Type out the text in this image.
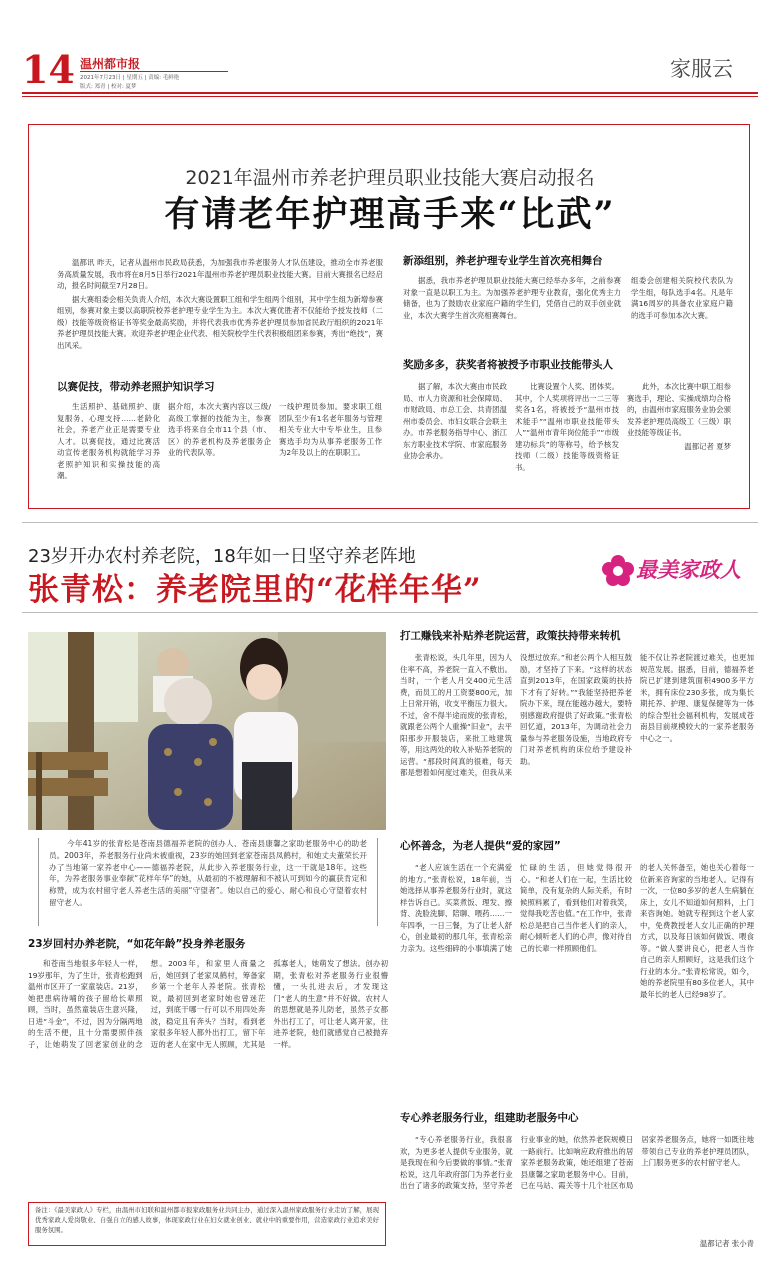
14 温州都市报
2021年7月23日 | 星期五 | 责编: 毛鲜艳
版式: 郑青 | 校对: 夏梦
家服云
2021年温州市养老护理员职业技能大赛启动报名
有请老年护理高手来“比武”

温都讯 昨天，记者从温州市民政局获悉，为加强我市养老服务人才队伍建设，推动全市养老服务高质量发展，我市将在8月5日举行2021年温州市养老护理员职业技能大赛。目前大赛报名已经启动，报名时间截至7月28日。

据大赛组委会相关负责人介绍，本次大赛设置职工组和学生组两个组别，其中学生组为新增参赛组别，参赛对象主要以高职院校养老护理专业学生为主。本次大赛优胜者不仅能给予授发技师（二级）技能等级资格证书等奖金最高奖励，并将代表我市优秀养老护理员参加省民政厅组织的2021年养老护理员技能大赛。欢迎养老护理企业代表、相关院校学生代表积极组团来参赛，秀出“绝技”，赛出风采。

以赛促技，带动养老照护知识学习

生活照护、基础照护、康复服务、心理支持……老龄化社会，养老产业正是需要专业人才。以赛促技，通过比赛活动宣传老服务机构就能学习养老照护知识和实操技能的高潮。

据介绍，本次大赛内容以三级/高级工掌握的技能为主，参赛选手将来自全市11个县（市、区）的养老机构及养老服务企业的代表队等。

一线护理员参加。要求职工组团队至少有1名老年服务与管理相关专业大中专毕业生，且参赛选手均为从事养老服务工作为2年及以上的在职职工。

新添组别，养老护理专业学生首次亮相舞台

据悉，我市养老护理员职业技能大赛已经举办多年，之前参赛对象一直是以职工为主。为加强养老护理专业教育，强化优秀主力储备，也为了鼓励农业家庭户籍的学生们，凭借自己的双手创业就业，本次大赛学生首次亮相赛舞台。

组委会创建相关院校代表队为学生组，每队选手4名。凡是年满16周岁的具备农业家庭户籍的选手可参加本次大赛。

奖励多多，获奖者将被授予市职业技能带头人

据了解，本次大赛由市民政局、市人力资源和社会保障局、市财政局、市总工会、共青团温州市委员会、市妇女联合会联主办。市养老服务指导中心、浙江东方职业技术学院、市家庭服务业协会承办。

比赛设置个人奖、团体奖。其中，个人奖项将评出一二三等奖各1名，将被授予“温州市技术能手”“温州市职业技能带头人”“温州市青年岗位能手”“市级建功标兵”的等称号，给予核发技师（二级）技能等级资格证书。

此外，本次比赛中职工组参赛选手，理论、实操成绩均合格的，由温州市家庭服务业协会颁发养老护理员高级工（三级）职业技能等级证书。

温都记者 夏梦

23岁开办农村养老院，18年如一日坚守养老阵地
张青松：养老院里的“花样年华”
最美家政人

今年41岁的张青松是苍南县德福养老院的创办人、苍南县康馨之家助老服务中心的助老员。2003年，养老服务行业尚未被重视，23岁的她回到老家苍南县凤鹤村，和她丈夫董荣长开办了当地第一家养老中心——德福养老院，从此步入养老服务行业，这一干就是18年。这些年，为养老服务事业奉献“花样年华”的她，从最初的不被理解和不被认可到如今的赢获肯定和称赞，成为农村留守老人养老生活的美丽“守望者”。她以自己的爱心、耐心和良心守望着农村留守老人。

23岁回村办养老院，“如花年龄”投身养老服务

和苍南当地很多年轻人一样，19岁那年，为了生计，张青松跑到温州市区开了一家童装店。21岁，她把患病待哺的孩子留给长辈照顾，当时，虽然童装店生意兴隆，日进“斗金”，不过，因为分隔两地的生活不便，且十分需要照伴孩子，让她萌发了回老家创业的念想。2003年，和家里人商量之后，她回到了老家凤鹤村，筹备家乡第一个老年人养老院。张青松说，最初回到老家时她也曾迷茫过，到底干哪一行可以不用四处奔波，稳定且有奔头？当时，看到老家很多年轻人都外出打工，留下年迈的老人在家中无人照顾，尤其是孤寡老人，她萌发了想法。创办初期，张青松对养老服务行业很懵懂，一头扎进去后，才发现这门“老人的生意”并不好做。农村人的思想就是养儿防老，虽然子女都外出打工了，可让老人离开家，住进养老院，他们就感觉自己被抛弃一样。

打工赚钱来补贴养老院运营，政策扶持带来转机

张青松说，头几年里，因为人住率不高，养老院一直入不敷出。当时，一个老人月交400元生活费，而员工的月工资要800元，加上日常开销，收支平衡压力很大。不过，舍不得半途而废的张青松，就跟老公两个人重操“旧业”，去平阳那步开服装店，来批工地建筑等，用这两处的收入补贴养老院的运营。“那段时间真的很难，每天都是想着如何度过难关，但我从来没想过放弃。”和老公两个人相互鼓励，才坚持了下来。“这样的状态直到2013年，在国家政策的扶持下才有了好转。”“我能坚持把养老院办下来，现在能越办越大，要特别感谢政府提供了好政策。”张青松回忆道，2013年，为调动社会力量参与养老服务设施，当地政府专门对养老机构的床位给予建设补助。

能不仅让养老院渡过难关，也更加规范发展。据悉，目前，德福养老院已扩建到建筑面积4900多平方米，拥有床位230多张，成为集长期托养、护理、康复保健等为一体的综合型社会福利机构，发展成苍南县目前规模较大的一家养老服务中心之一。

心怀善念，为老人提供“爱的家园”

“老人应该生活在一个充满爱的地方。”张青松说，18年前，当她选择从事养老服务行业时，就这样告诉自己。买菜煮饭、理发、擦背、洗脸洗脚、陪聊、喂药……一年四季，一日三餐，为了让老人舒心，创业最初的那几年，张青松亲力亲为。这些细碎的小事填满了她忙碌的生活，但她觉得很开心。“和老人们在一起，生活比较简单，没有复杂的人际关系，有时候照料累了，看到他们对着我笑，觉得我吃苦也值。”在工作中，张青松总是把自己当作老人们的亲人，耐心倾听老人们的心声，像对待自己的长辈一样照顾他们。

的老人关怀备至，她也关心着每一位新来咨询家的当地老人。记得有一次，一位80多岁的老人生病躺在床上，女儿不知道如何照料，上门来咨询她。她就专程到这个老人家中，免费教授老人女儿正确的护理方式，以及每日该如何做饭、喂食等。“做人要讲良心，把老人当作自己的亲人照顾好，这是我们这个行业的本分。”张青松常说，如今，她的养老院里有80多位老人，其中最年长的老人已经98岁了。

专心养老服务行业，组建助老服务中心

“专心养老服务行业，我很喜欢，为更多老人提供专业服务，就是我现在和今后要做的事情。”张青松说，这几年政府部门为养老行业出台了诸多的政策支持，坚守养老行业事业的她，依然养老院规模日一路前行。比如响应政府推出的居家养老服务政策，她还组建了苍南县康馨之家助老服务中心。目前，已在马站、霞关等十几个社区布局居家养老服务点，她将一如既往地带领自己专业的养老护理员团队，上门服务更多的农村留守老人。

温都记者 张小青

备注：《最美家政人》专栏，由温州市妇联和温州都市报家政服务业共同主办，通过深入温州家政服务行业走访了解，展现优秀家政人爱岗敬业、自强自立的感人故事，体现家政行业在妇女就业创业、就业中的重要作用，营造家政行业追求美好服务氛围。
